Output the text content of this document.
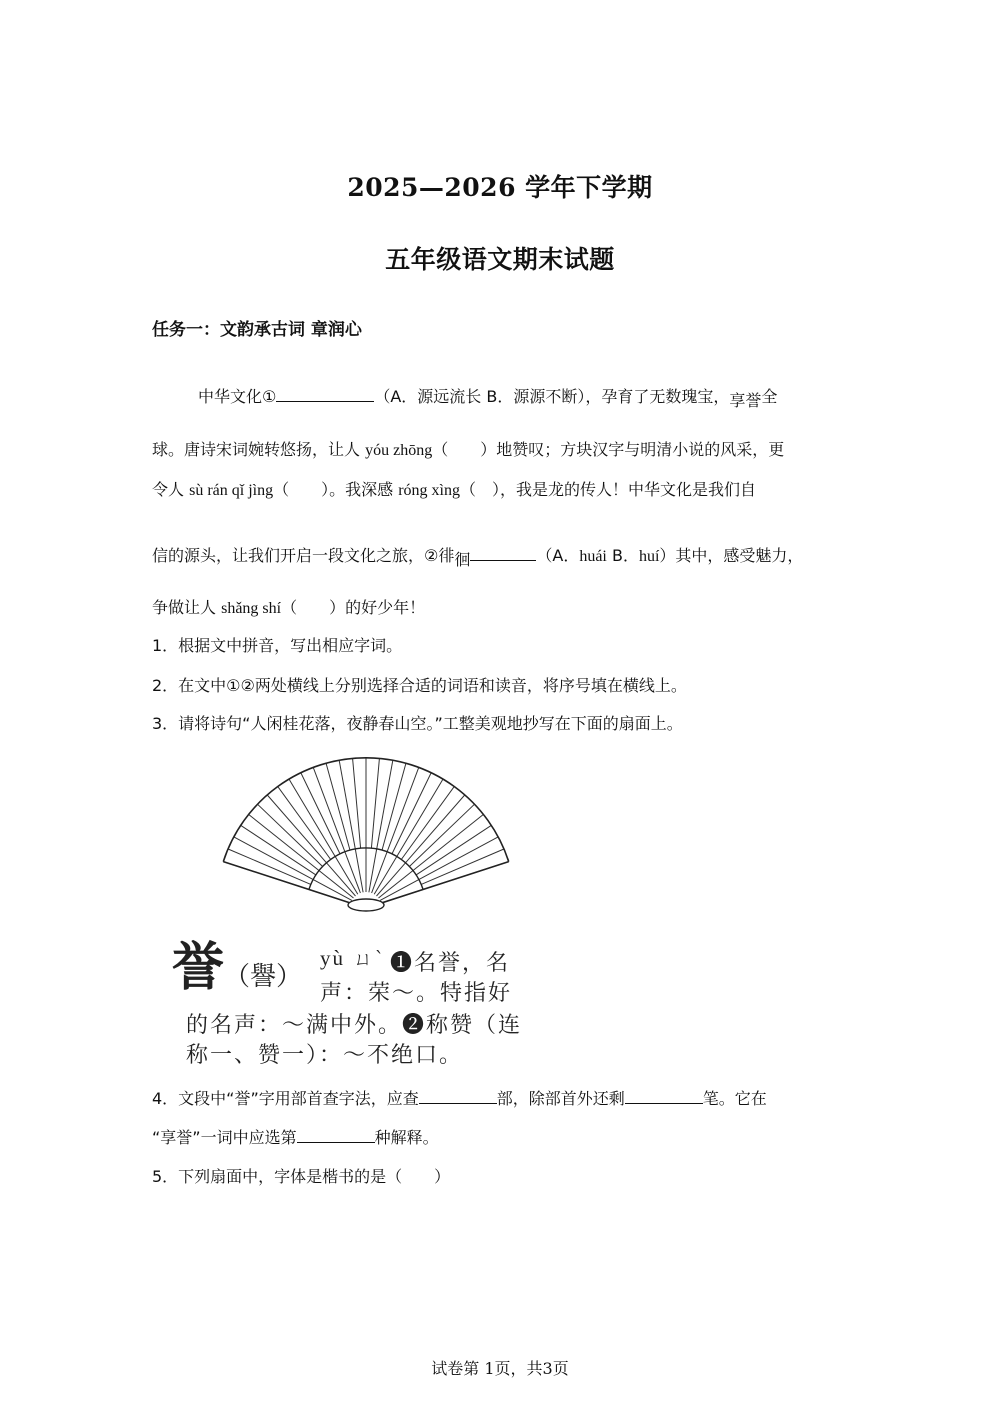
2025—2026 学年下学期
五年级语文期末试题
任务一：文韵承古词 章润心
中华文化①	（A．源远流长 B．源源不断），孕育了无数瑰宝，享誉全
球。唐诗宋词婉转悠扬，让人 yóu zhōng（　　）地赞叹；方块汉字与明清小说的风采，更
令人 sù rán qǐ jìng（　　）。我深感 róng xìng（　），我是龙的传人！中华文化是我们自
信的源头，让我们开启一段文化之旅，②徘徊	（A．huái B．huí）其中，感受魅力，
争做让人 shǎng shí（　　）的好少年！
1．根据文中拼音，写出相应字词。
2．在文中①②两处横线上分别选择合适的词语和读音，将序号填在横线上。
3．请将诗句“人闲桂花落，夜静春山空。”工整美观地抄写在下面的扇面上。
誉 （譽）
yù ㄩˋ ❶名誉，名
声：荣～。特指好
的名声：～满中外。❷称赞（连
称一、赞一）：～不绝口。
4．文段中“誉”字用部首查字法，应查	部，除部首外还剩	笔。它在
“享誉”一词中应选第	种解释。
5．下列扇面中，字体是楷书的是（　　）
试卷第 1页，共3页
